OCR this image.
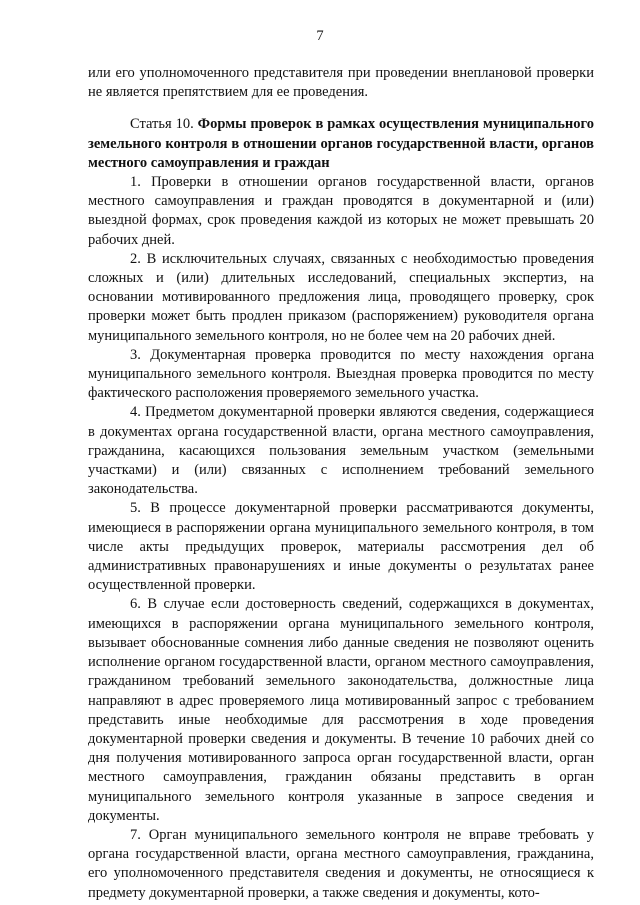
7

или его уполномоченного представителя при проведении внеплановой проверки не является препятствием для ее проведения.

Статья 10. Формы проверок в рамках осуществления муниципального земельного контроля в отношении органов государственной власти, органов местного самоуправления и граждан

1. Проверки в отношении органов государственной власти, органов местного самоуправления и граждан проводятся в документарной и (или) выездной формах, срок проведения каждой из которых не может превышать 20 рабочих дней.

2. В исключительных случаях, связанных с необходимостью проведения сложных и (или) длительных исследований, специальных экспертиз, на основании мотивированного предложения лица, проводящего проверку, срок проверки может быть продлен приказом (распоряжением) руководителя органа муниципального земельного контроля, но не более чем на 20 рабочих дней.

3. Документарная проверка проводится по месту нахождения органа муниципального земельного контроля. Выездная проверка проводится по месту фактического расположения проверяемого земельного участка.

4. Предметом документарной проверки являются сведения, содержащиеся в документах органа государственной власти, органа местного самоуправления, гражданина, касающихся пользования земельным участком (земельными участками) и (или) связанных с исполнением требований земельного законодательства.

5. В процессе документарной проверки рассматриваются документы, имеющиеся в распоряжении органа муниципального земельного контроля, в том числе акты предыдущих проверок, материалы рассмотрения дел об административных правонарушениях и иные документы о результатах ранее осуществленной проверки.

6. В случае если достоверность сведений, содержащихся в документах, имеющихся в распоряжении органа муниципального земельного контроля, вызывает обоснованные сомнения либо данные сведения не позволяют оценить исполнение органом государственной власти, органом местного самоуправления, гражданином требований земельного законодательства, должностные лица направляют в адрес проверяемого лица мотивированный запрос с требованием представить иные необходимые для рассмотрения в ходе проведения документарной проверки сведения и документы. В течение 10 рабочих дней со дня получения мотивированного запроса орган государственной власти, орган местного самоуправления, гражданин обязаны представить в орган муниципального земельного контроля указанные в запросе сведения и документы.

7. Орган муниципального земельного контроля не вправе требовать у органа государственной власти, органа местного самоуправления, гражданина, его уполномоченного представителя сведения и документы, не относящиеся к предмету документарной проверки, а также сведения и документы, кото-
